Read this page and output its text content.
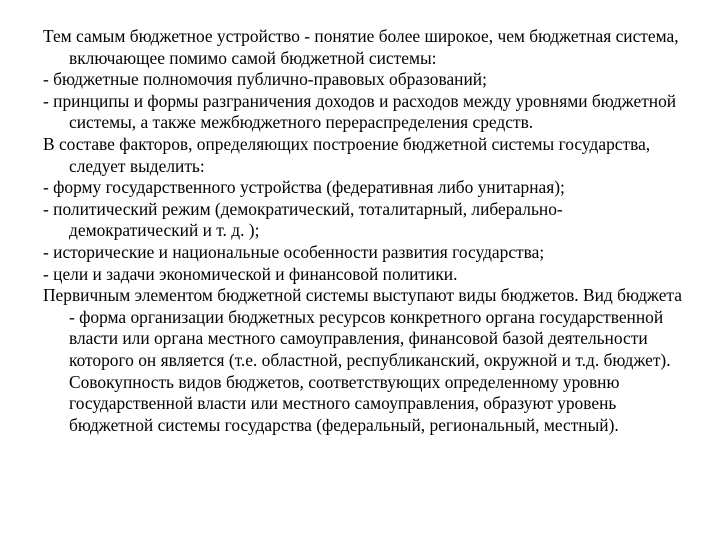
Тем самым бюджетное устройство - понятие более широкое, чем бюджетная система, включающее помимо самой бюджетной системы:

- бюджетные полномочия публично-правовых образований;

- принципы и формы разграничения доходов и расходов между уровнями бюджетной системы, а также межбюджетного перераспределения средств.

В составе факторов, определяющих построение бюджетной системы государства, следует выделить:

- форму государственного устройства (федеративная либо унитарная);

- политический режим (демократический, тоталитарный, либерально-демократический и т. д. );

- исторические и национальные особенности развития государства;

- цели и задачи экономической и финансовой политики.

Первичным элементом бюджетной системы выступают виды бюджетов. Вид бюджета - форма организации бюджетных ресурсов конкретного органа государственной власти или органа местного самоуправления, финансовой базой деятельности которого он является (т.е. областной, республиканский, окружной и т.д. бюджет). Совокупность видов бюджетов, соответствующих определенному уровню государственной власти или местного самоуправления, образуют уровень бюджетной системы государства (федеральный, региональный, местный).
